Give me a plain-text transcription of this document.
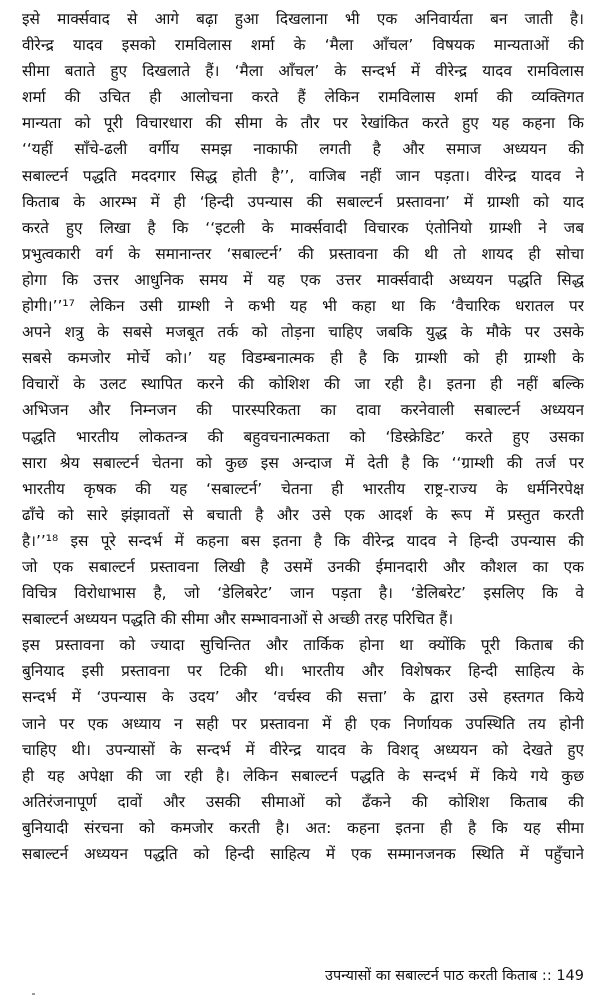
इसे मार्क्सवाद से आगे बढ़ा हुआ दिखलाना भी एक अनिवार्यता बन जाती है।
वीरेन्द्र यादव इसको रामविलास शर्मा के ‘मैला आँचल’ विषयक मान्यताओं की
सीमा बताते हुए दिखलाते हैं। ‘मैला आँचल’ के सन्दर्भ में वीरेन्द्र यादव रामविलास
शर्मा की उचित ही आलोचना करते हैं लेकिन रामविलास शर्मा की व्यक्तिगत
मान्यता को पूरी विचारधारा की सीमा के तौर पर रेखांकित करते हुए यह कहना कि
‘‘यहीं साँचे-ढली वर्गीय समझ नाकाफी लगती है और समाज अध्ययन की
सबाल्टर्न पद्धति मददगार सिद्ध होती है’’, वाजिब नहीं जान पड़ता। वीरेन्द्र यादव ने
किताब के आरम्भ में ही ‘हिन्दी उपन्यास की सबाल्टर्न प्रस्तावना’ में ग्राम्शी को याद
करते हुए लिखा है कि ‘‘इटली के मार्क्सवादी विचारक एंतोनियो ग्राम्शी ने जब
प्रभुत्वकारी वर्ग के समानान्तर ‘सबाल्टर्न’ की प्रस्तावना की थी तो शायद ही सोचा
होगा कि उत्तर आधुनिक समय में यह एक उत्तर मार्क्सवादी अध्ययन पद्धति सिद्ध
होगी।’’¹⁷ लेकिन उसी ग्राम्शी ने कभी यह भी कहा था कि ‘वैचारिक धरातल पर
अपने शत्रु के सबसे मजबूत तर्क को तोड़ना चाहिए जबकि युद्ध के मौके पर उसके
सबसे कमजोर मोर्चे को।’ यह विडम्बनात्मक ही है कि ग्राम्शी को ही ग्राम्शी के
विचारों के उलट स्थापित करने की कोशिश की जा रही है। इतना ही नहीं बल्कि
अभिजन और निम्नजन की पारस्परिकता का दावा करनेवाली सबाल्टर्न अध्ययन
पद्धति भारतीय लोकतन्त्र की बहुवचनात्मकता को ‘डिस्क्रेडिट’ करते हुए उसका
सारा श्रेय सबाल्टर्न चेतना को कुछ इस अन्दाज में देती है कि ‘‘ग्राम्शी की तर्ज पर
भारतीय कृषक की यह ‘सबाल्टर्न’ चेतना ही भारतीय राष्ट्र-राज्य के धर्मनिरपेक्ष
ढाँचे को सारे झंझावतों से बचाती है और उसे एक आदर्श के रूप में प्रस्तुत करती
है।’’¹⁸ इस पूरे सन्दर्भ में कहना बस इतना है कि वीरेन्द्र यादव ने हिन्दी उपन्यास की
जो एक सबाल्टर्न प्रस्तावना लिखी है उसमें उनकी ईमानदारी और कौशल का एक
विचित्र विरोधाभास है, जो ‘डेलिबरेट’ जान पड़ता है। ‘डेलिबरेट’ इसलिए कि वे
सबाल्टर्न अध्ययन पद्धति की सीमा और सम्भावनाओं से अच्छी तरह परिचित हैं।
इस प्रस्तावना को ज्यादा सुचिन्तित और तार्किक होना था क्योंकि पूरी किताब की
बुनियाद इसी प्रस्तावना पर टिकी थी। भारतीय और विशेषकर हिन्दी साहित्य के
सन्दर्भ में ‘उपन्यास के उदय’ और ‘वर्चस्व की सत्ता’ के द्वारा उसे हस्तगत किये
जाने पर एक अध्याय न सही पर प्रस्तावना में ही एक निर्णायक उपस्थिति तय होनी
चाहिए थी। उपन्यासों के सन्दर्भ में वीरेन्द्र यादव के विशद् अध्ययन को देखते हुए
ही यह अपेक्षा की जा रही है। लेकिन सबाल्टर्न पद्धति के सन्दर्भ में किये गये कुछ
अतिरंजनापूर्ण दावों और उसकी सीमाओं को ढँकने की कोशिश किताब की
बुनियादी संरचना को कमजोर करती है। अत: कहना इतना ही है कि यह सीमा
सबाल्टर्न अध्ययन पद्धति को हिन्दी साहित्य में एक सम्मानजनक स्थिति में पहुँचाने
उपन्यासों का सबाल्टर्न पाठ करती किताब :: 149
